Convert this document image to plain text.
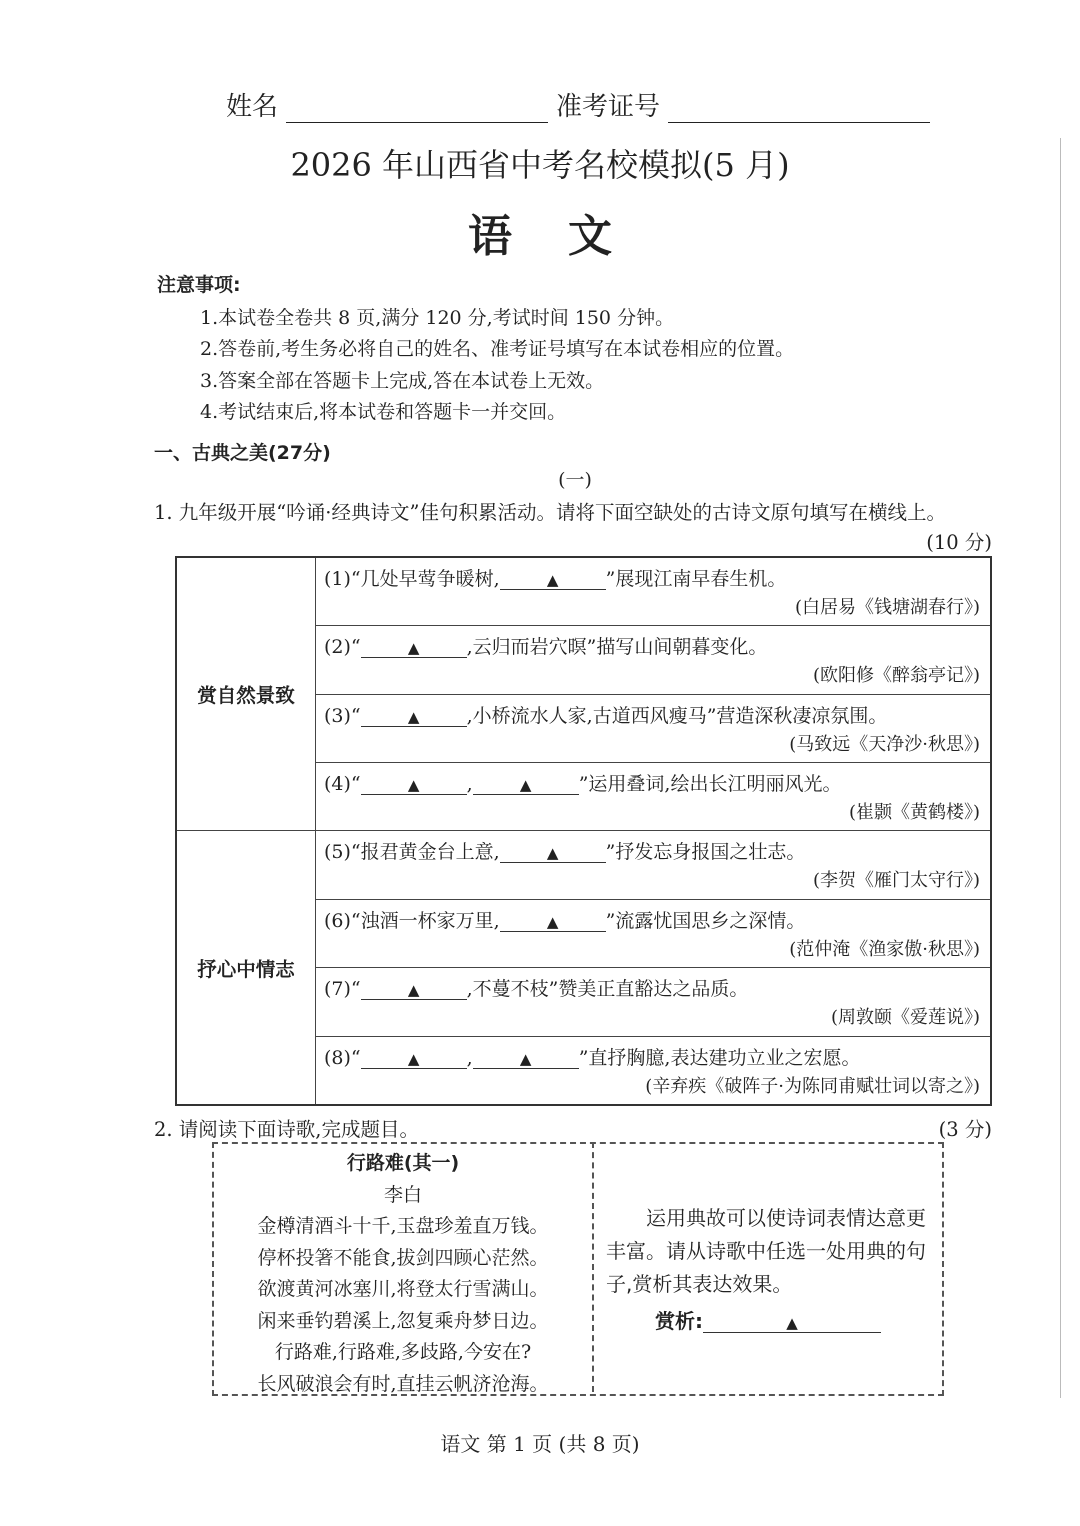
姓名	准考证号
2026 年山西省中考名校模拟(5 月)
语文
注意事项:
1.本试卷全卷共 8 页,满分 120 分,考试时间 150 分钟。
2.答卷前,考生务必将自己的姓名、准考证号填写在本试卷相应的位置。
3.答案全部在答题卡上完成,答在本试卷上无效。
4.考试结束后,将本试卷和答题卡一并交回。
一、古典之美(27分)
(一)
1. 九年级开展“吟诵·经典诗文”佳句积累活动。请将下面空缺处的古诗文原句填写在横线上。
(10 分)
赏自然景致	(1)“几处早莺争暖树, ▲ ”展现江南早春生机。
(白居易《钱塘湖春行》)

	(2)“ ▲ ,云归而岩穴暝”描写山间朝暮变化。
(欧阳修《醉翁亭记》)

	(3)“ ▲ ,小桥流水人家,古道西风瘦马”营造深秋凄凉氛围。
(马致远《天净沙·秋思》)

	(4)“ ▲ , ▲ ”运用叠词,绘出长江明丽风光。
(崔颢《黄鹤楼》)

抒心中情志	(5)“报君黄金台上意, ▲ ”抒发忘身报国之壮志。
(李贺《雁门太守行》)

	(6)“浊酒一杯家万里, ▲ ”流露忧国思乡之深情。
(范仲淹《渔家傲·秋思》)

	(7)“ ▲ ,不蔓不枝”赞美正直豁达之品质。
(周敦颐《爱莲说》)

	(8)“ ▲ , ▲ ”直抒胸臆,表达建功立业之宏愿。
(辛弃疾《破阵子·为陈同甫赋壮词以寄之》)
2. 请阅读下面诗歌,完成题目。	(3 分)
行路难(其一)
李白
金樽清酒斗十千,玉盘珍羞直万钱。
停杯投箸不能食,拔剑四顾心茫然。
欲渡黄河冰塞川,将登太行雪满山。
闲来垂钓碧溪上,忽复乘舟梦日边。
行路难,行路难,多歧路,今安在?
长风破浪会有时,直挂云帆济沧海。
运用典故可以使诗词表情达意更丰富。请从诗歌中任选一处用典的句子,赏析其表达效果。
赏析:	▲
语文 第 1 页 (共 8 页)
